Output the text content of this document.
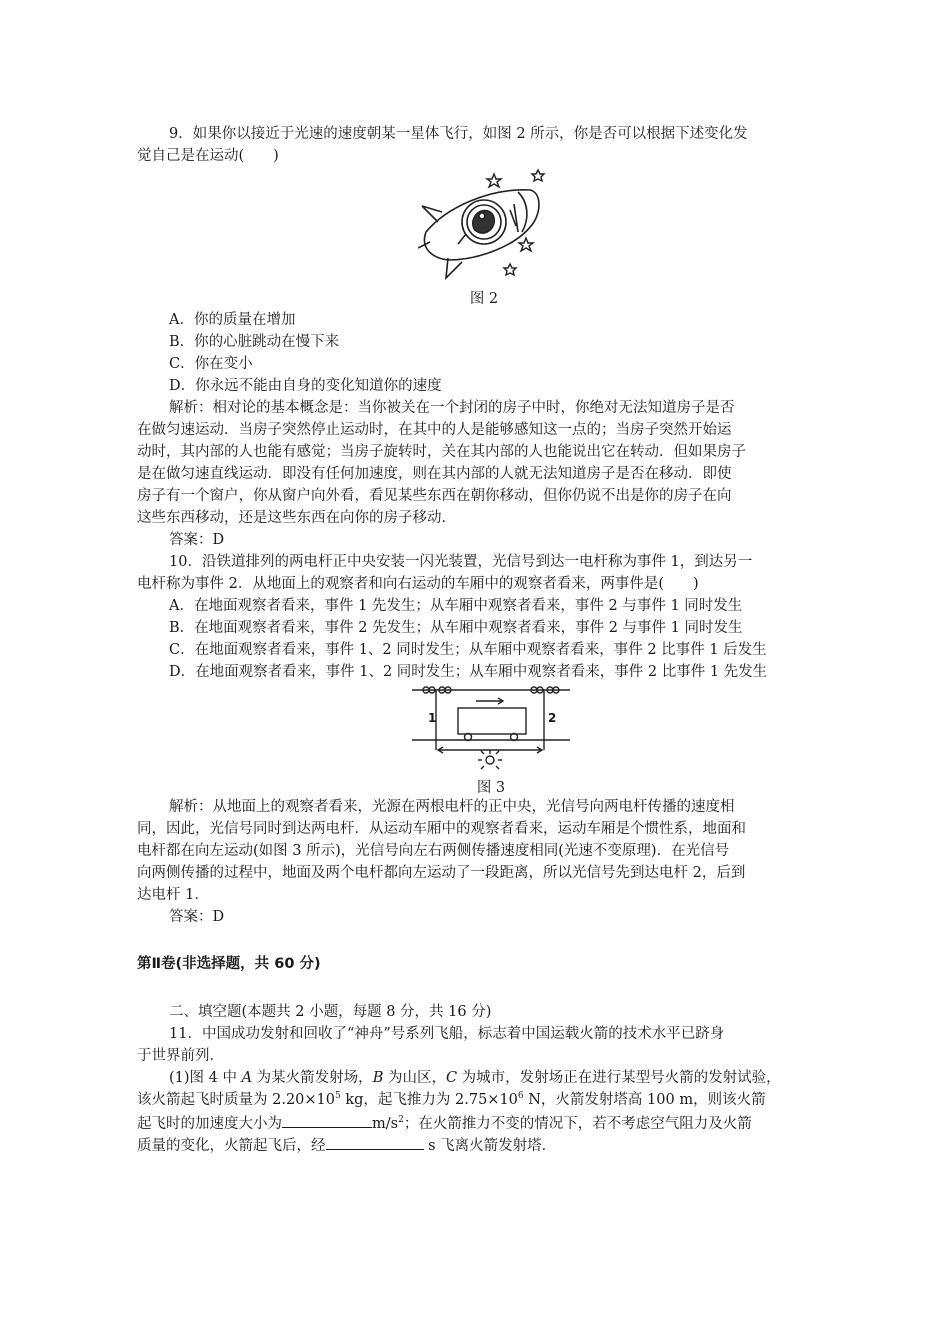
9．如果你以接近于光速的速度朝某一星体飞行，如图 2 所示，你是否可以根据下述变化发
觉自己是在运动(　　)
图 2
A．你的质量在增加
B．你的心脏跳动在慢下来
C．你在变小
D．你永远不能由自身的变化知道你的速度
解析：相对论的基本概念是：当你被关在一个封闭的房子中时，你绝对无法知道房子是否
在做匀速运动．当房子突然停止运动时，在其中的人是能够感知这一点的；当房子突然开始运
动时，其内部的人也能有感觉；当房子旋转时，关在其内部的人也能说出它在转动．但如果房子
是在做匀速直线运动．即没有任何加速度，则在其内部的人就无法知道房子是否在移动．即使
房子有一个窗户，你从窗户向外看，看见某些东西在朝你移动，但你仍说不出是你的房子在向
这些东西移动，还是这些东西在向你的房子移动．
答案：D
10．沿铁道排列的两电杆正中央安装一闪光装置，光信号到达一电杆称为事件 1，到达另一
电杆称为事件 2．从地面上的观察者和向右运动的车厢中的观察者看来，两事件是(　　)
A．在地面观察者看来，事件 1 先发生；从车厢中观察者看来，事件 2 与事件 1 同时发生
B．在地面观察者看来，事件 2 先发生；从车厢中观察者看来，事件 2 与事件 1 同时发生
C．在地面观察者看来，事件 1、2 同时发生；从车厢中观察者看来，事件 2 比事件 1 后发生
D．在地面观察者看来，事件 1、2 同时发生；从车厢中观察者看来，事件 2 比事件 1 先发生
1	2
图 3
解析：从地面上的观察者看来，光源在两根电杆的正中央，光信号向两电杆传播的速度相
同，因此，光信号同时到达两电杆．从运动车厢中的观察者看来，运动车厢是个惯性系，地面和
电杆都在向左运动(如图 3 所示)，光信号向左右两侧传播速度相同(光速不变原理)．在光信号
向两侧传播的过程中，地面及两个电杆都向左运动了一段距离，所以光信号先到达电杆 2，后到
达电杆 1．
答案：D
第Ⅱ卷(非选择题，共 60 分)
二、填空题(本题共 2 小题，每题 8 分，共 16 分)
11．中国成功发射和回收了“神舟”号系列飞船，标志着中国运载火箭的技术水平已跻身
于世界前列．
(1)图 4 中 A 为某火箭发射场，B 为山区，C 为城市，发射场正在进行某型号火箭的发射试验，
该火箭起飞时质量为 $2.20\times 10^5$ kg，起飞推力为 $2.75\times 10^6$ N，火箭发射塔高 100 m，则该火箭
起飞时的加速度大小为	$m/s^2$；在火箭推力不变的情况下，若不考虑空气阻力及火箭
质量的变化，火箭起飞后，经	s 飞离火箭发射塔．
